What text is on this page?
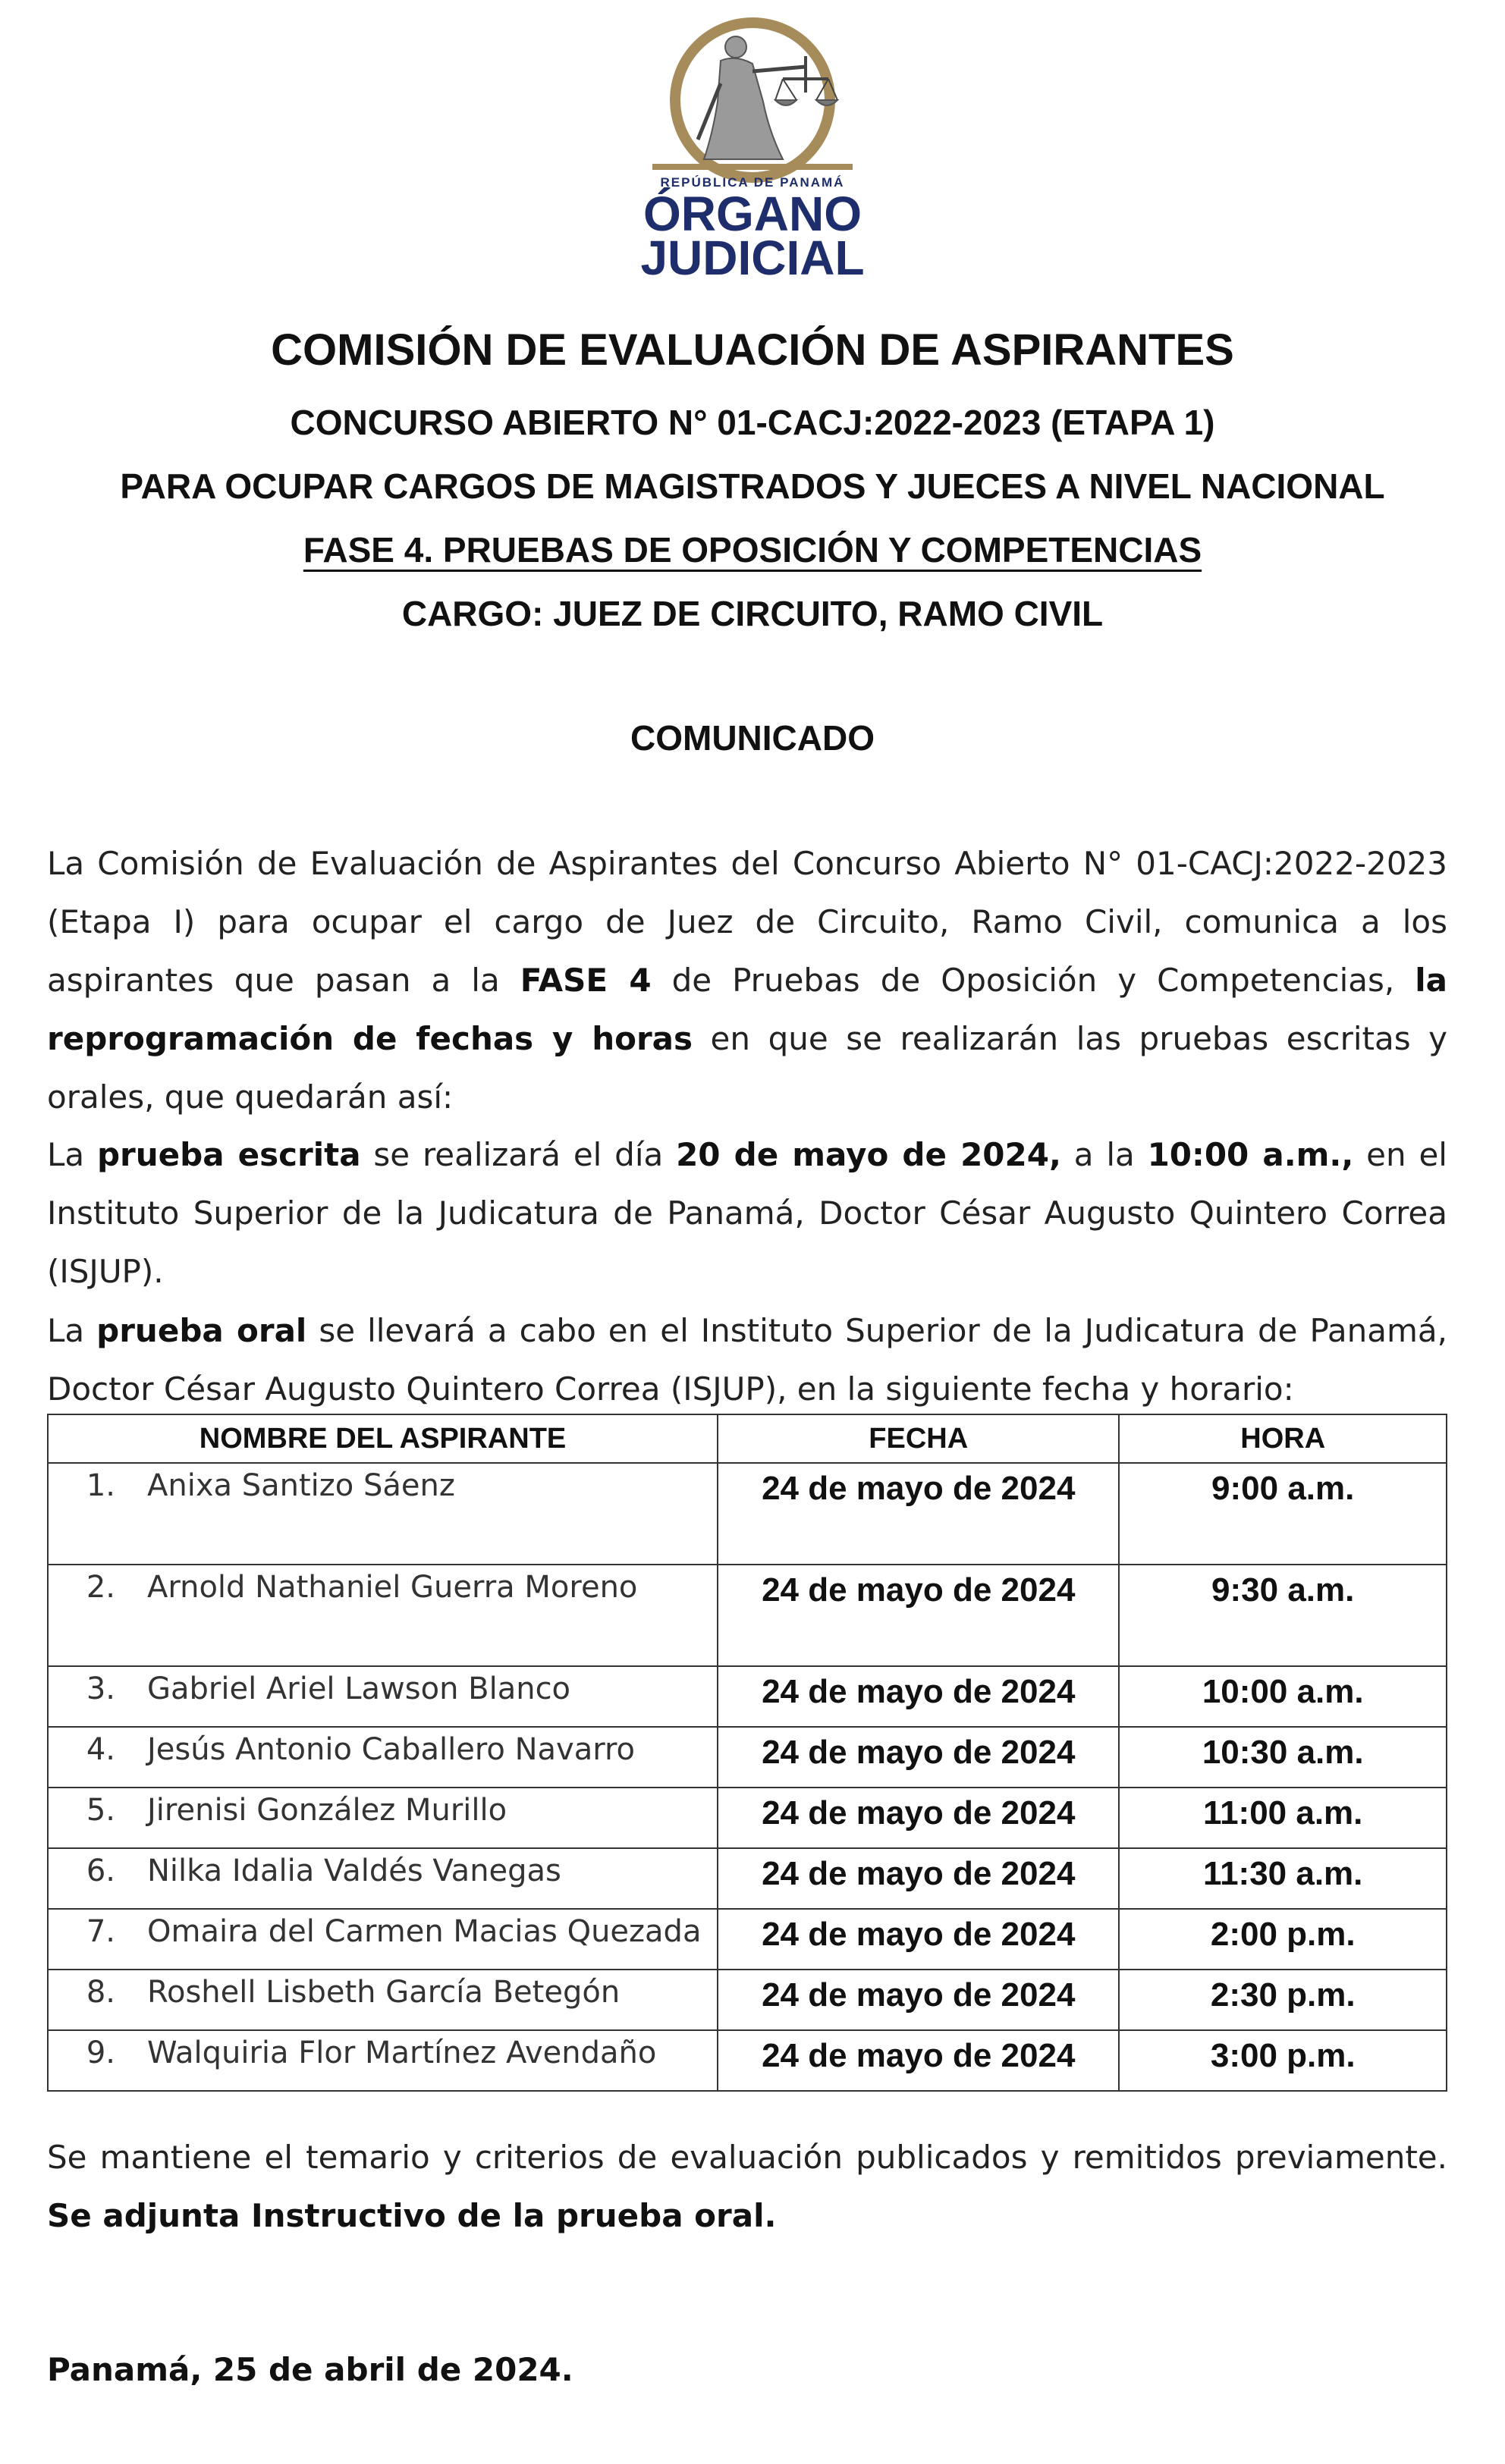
REPÚBLICA DE PANAMÁ
ÓRGANO
JUDICIAL
COMISIÓN DE EVALUACIÓN DE ASPIRANTES
CONCURSO ABIERTO N° 01-CACJ:2022-2023 (ETAPA 1)
PARA OCUPAR CARGOS DE MAGISTRADOS Y JUECES A NIVEL NACIONAL
FASE 4. PRUEBAS DE OPOSICIÓN Y COMPETENCIAS
CARGO: JUEZ DE CIRCUITO, RAMO CIVIL
COMUNICADO
La Comisión de Evaluación de Aspirantes del Concurso Abierto N° 01-CACJ:2022-2023 (Etapa I) para ocupar el cargo de Juez de Circuito, Ramo Civil, comunica a los aspirantes que pasan a la FASE 4 de Pruebas de Oposición y Competencias, la reprogramación de fechas y horas en que se realizarán las pruebas escritas y orales, que quedarán así:
La prueba escrita se realizará el día 20 de mayo de 2024, a la 10:00 a.m., en el Instituto Superior de la Judicatura de Panamá, Doctor César Augusto Quintero Correa (ISJUP).
La prueba oral se llevará a cabo en el Instituto Superior de la Judicatura de Panamá, Doctor César Augusto Quintero Correa (ISJUP), en la siguiente fecha y horario:
NOMBRE DEL ASPIRANTE	FECHA	HORA
1. Anixa Santizo Sáenz	24 de mayo de 2024	9:00 a.m.
2. Arnold Nathaniel Guerra Moreno	24 de mayo de 2024	9:30 a.m.
3. Gabriel Ariel Lawson Blanco	24 de mayo de 2024	10:00 a.m.
4. Jesús Antonio Caballero Navarro	24 de mayo de 2024	10:30 a.m.
5. Jirenisi González Murillo	24 de mayo de 2024	11:00 a.m.
6. Nilka Idalia Valdés Vanegas	24 de mayo de 2024	11:30 a.m.
7. Omaira del Carmen Macias Quezada	24 de mayo de 2024	2:00 p.m.
8. Roshell Lisbeth García Betegón	24 de mayo de 2024	2:30 p.m.
9. Walquiria Flor Martínez Avendaño	24 de mayo de 2024	3:00 p.m.
Se mantiene el temario y criterios de evaluación publicados y remitidos previamente. Se adjunta Instructivo de la prueba oral.
Panamá, 25 de abril de 2024.
